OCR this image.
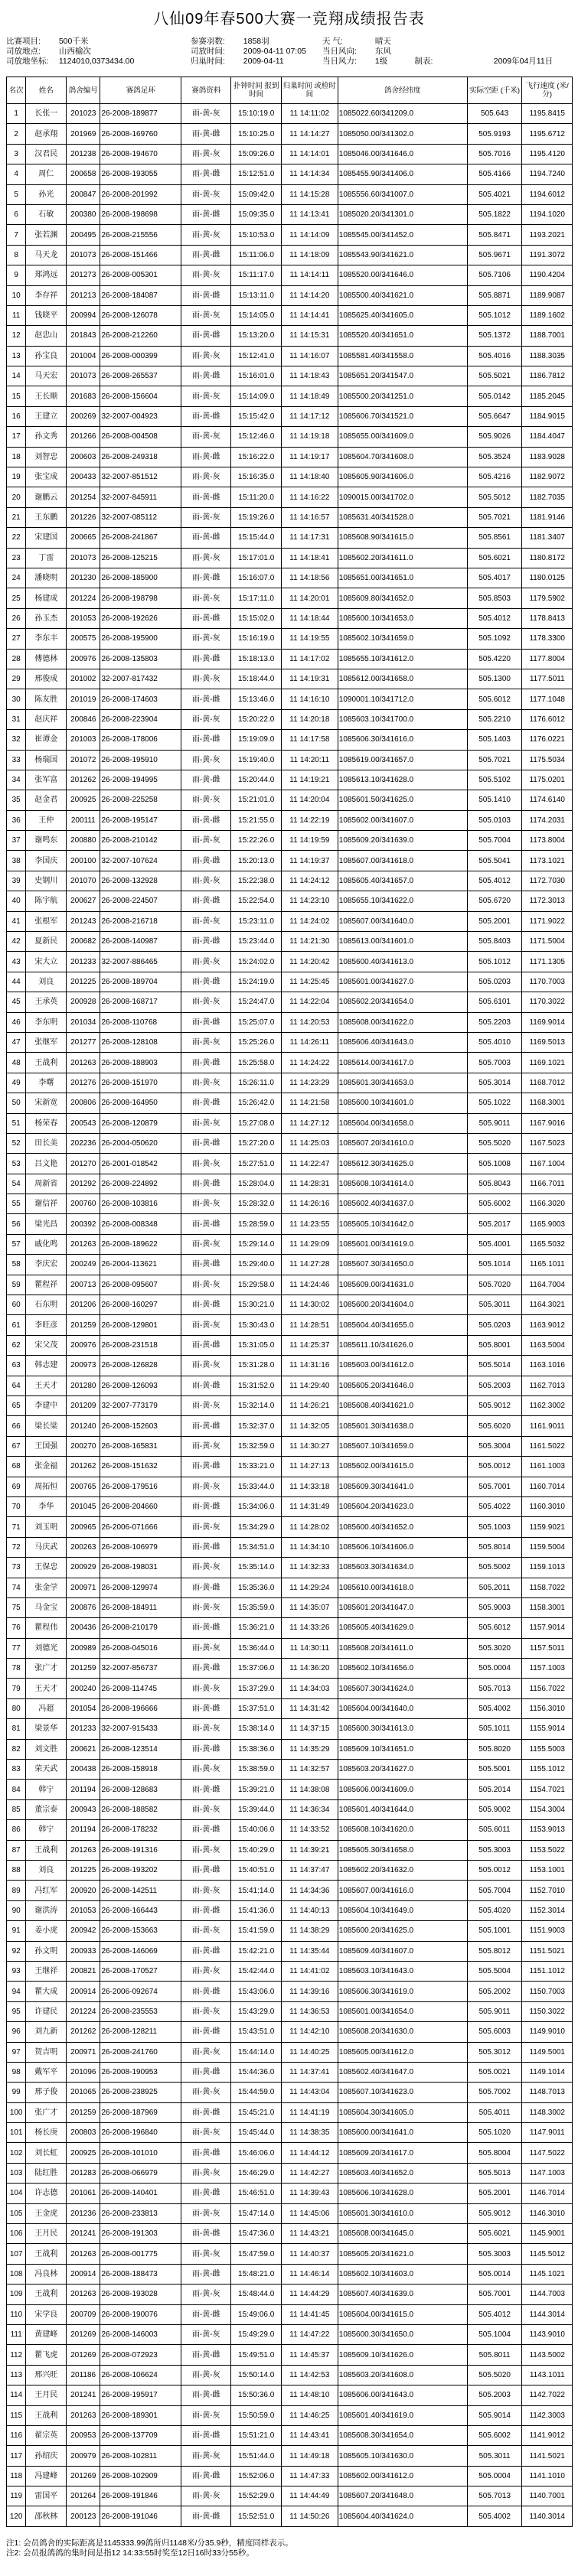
八仙09年春500大赛一竞翔成绩报告表
比赛项目:	500千米	参赛羽数:	1858羽	天 气:	晴天
司放地点:	山西榆次	司放时间:	2009-04-11 07:05	当日风向:	东风
司放地坐标:	1124010,0373434.00	归巢时间:	2009-04-11	当日风力:	1级	制表:	2009年04月11日
名次	姓名	鸽舍编号	赛鸽足环	赛鸽资料	扑钟时间 报到时间	归巢时间 或检时间	鸽舍经纬度	实际空距 (千米)	飞行速度 (米/分)
1	长张一	201023	26-2008-189877	雨-黄-灰	15:10:19.0	11 14:11:02	1085022.60/341209.0	505.643	1195.8415
2	赵承翔	201969	26-2008-169760	雨-黄-雌	15:10:25.0	11 14:14:27	1085050.00/341302.0	505.9193	1195.6712
3	汉君民	201238	26-2008-194670	雨-黄-灰	15:09:26.0	11 14:14:01	1085046.00/341646.0	505.7016	1195.4120
4	周仁	200658	26-2008-193055	雨-黄-雌	15:12:51.0	11 14:14:34	1085455.90/341406.0	505.4166	1194.7240
5	孙光	200847	26-2008-201992	雨-黄-灰	15:09:42.0	11 14:15:28	1085556.60/341007.0	505.4021	1194.6012
6	石敏	200380	26-2008-198698	雨-黄-雌	15:09:35.0	11 14:13:41	1085020.20/341301.0	505.1822	1194.1020
7	张若渊	200495	26-2008-215556	雨-黄-灰	15:10:53.0	11 14:14:09	1085545.00/341452.0	505.8471	1193.2021
8	马天龙	201073	26-2008-151466	雨-黄-雌	15:11:06.0	11 14:18:09	1085543.90/341621.0	505.9671	1191.3072
9	郑鸿远	201273	26-2008-005301	雨-黄-灰	15:11:17.0	11 14:14:11	1085520.00/341646.0	505.7106	1190.4204
10	李存祥	201213	26-2008-184087	雨-黄-雌	15:13:11.0	11 14:14:20	1085500.40/341621.0	505.8871	1189.9087
11	钱晓平	200994	26-2008-126078	雨-黄-灰	15:14:05.0	11 14:14:41	1085625.40/341605.0	505.1012	1189.1602
12	赵忠山	201843	26-2008-212260	雨-黄-雌	15:13:20.0	11 14:15:31	1085520.40/341651.0	505.1372	1188.7001
13	孙宝良	201004	26-2008-000399	雨-黄-灰	15:12:41.0	11 14:16:07	1085581.40/341558.0	505.4016	1188.3035
14	马天宏	201073	26-2008-265537	雨-黄-雌	15:16:01.0	11 14:18:43	1085651.20/341547.0	505.5021	1186.7812
15	王长顺	201683	26-2008-156604	雨-黄-灰	15:14:09.0	11 14:18:49	1085500.20/341251.0	505.0142	1185.2045
16	王建立	200269	32-2007-004923	雨-黄-雌	15:15:42.0	11 14:17:12	1085606.70/341521.0	505.6647	1184.9015
17	孙文秀	201266	26-2008-004508	雨-黄-灰	15:12:46.0	11 14:19:18	1085655.00/341609.0	505.9026	1184.4047
18	刘智忠	200603	26-2008-249318	雨-黄-雌	15:16:22.0	11 14:19:17	1085604.70/341608.0	505.3524	1183.9028
19	张宝成	200433	32-2007-851512	雨-黄-灰	15:16:35.0	11 14:18:40	1085605.90/341606.0	505.4216	1182.9072
20	谢鹏云	201254	32-2007-845911	雨-黄-雌	15:11:20.0	11 14:16:22	1090015.00/341702.0	505.5012	1182.7035
21	王东鹏	201226	32-2007-085112	雨-黄-灰	15:19:26.0	11 14:16:57	1085631.40/341528.0	505.7021	1181.9146
22	宋建国	200665	26-2008-241867	雨-黄-雌	15:15:44.0	11 14:17:31	1085608.90/341615.0	505.8561	1181.3407
23	丁雷	201073	26-2008-125215	雨-黄-灰	15:17:01.0	11 14:18:41	1085602.20/341611.0	505.6021	1180.8172
24	潘晓明	201230	26-2008-185900	雨-黄-雌	15:16:07.0	11 14:18:56	1085651.00/341651.0	505.4017	1180.0125
25	杨建成	201224	26-2008-198798	雨-黄-灰	15:17:11.0	11 14:20:01	1085609.80/341652.0	505.8503	1179.5902
26	孙玉杰	201053	26-2008-192626	雨-黄-雌	15:15:02.0	11 14:18:44	1085600.10/341653.0	505.4012	1178.8413
27	李东丰	200575	26-2008-195900	雨-黄-灰	15:16:19.0	11 14:19:55	1085602.10/341659.0	505.1092	1178.3300
28	傅德林	200976	26-2008-135803	雨-黄-雌	15:18:13.0	11 14:17:02	1085655.10/341612.0	505.4220	1177.8004
29	邢俊成	201002	32-2007-817432	雨-黄-灰	15:18:44.0	11 14:19:31	1085612.00/341658.0	505.1300	1177.5011
30	陈友胜	201019	26-2008-174603	雨-黄-雌	15:13:46.0	11 14:16:10	1090001.10/341712.0	505.6012	1177.1048
31	赵庆祥	200846	26-2008-223904	雨-黄-灰	15:20:22.0	11 14:20:18	1085603.10/341700.0	505.2210	1176.6012
32	崔谭金	201003	26-2008-178006	雨-黄-雌	15:19:09.0	11 14:17:58	1085606.30/341616.0	505.1403	1176.0221
33	杨瑞国	201072	26-2008-195910	雨-黄-灰	15:19:40.0	11 14:20:11	1085619.00/341657.0	505.7021	1175.5034
34	张军富	201262	26-2008-194995	雨-黄-雌	15:20:44.0	11 14:19:21	1085613.10/341628.0	505.5102	1175.0201
35	赵金君	200925	26-2008-225258	雨-黄-灰	15:21:01.0	11 14:20:04	1085601.50/341625.0	505.1410	1174.6140
36	王仲	200111	26-2008-195147	雨-黄-雌	15:21:55.0	11 14:22:19	1085602.00/341607.0	505.0103	1174.2031
37	谢鸣东	200880	26-2008-210142	雨-黄-灰	15:22:26.0	11 14:19:59	1085609.20/341639.0	505.7004	1173.8004
38	李国庆	200100	32-2007-107624	雨-黄-雌	15:20:13.0	11 14:19:37	1085607.00/341618.0	505.5041	1173.1021
39	史钢川	201070	26-2008-132928	雨-黄-灰	15:22:38.0	11 14:24:12	1085605.40/341657.0	505.4012	1172.7030
40	陈宇航	200627	26-2008-224507	雨-黄-雌	15:22:54.0	11 14:23:10	1085655.10/341622.0	505.6720	1172.3013
41	张根军	201243	26-2008-216718	雨-黄-灰	15:23:11.0	11 14:24:02	1085607.00/341640.0	505.2001	1171.9022
42	夏新民	200682	26-2008-140987	雨-黄-雌	15:23:44.0	11 14:21:30	1085613.00/341601.0	505.8403	1171.5004
43	宋大立	201233	32-2007-886465	雨-黄-灰	15:24:02.0	11 14:20:42	1085600.40/341613.0	505.1012	1171.1305
44	刘良	201225	26-2008-189704	雨-黄-雌	15:24:19.0	11 14:25:45	1085601.00/341627.0	505.0203	1170.7003
45	王承英	200928	26-2008-168717	雨-黄-灰	15:24:47.0	11 14:22:04	1085602.20/341654.0	505.6101	1170.3022
46	李东明	201034	26-2008-110768	雨-黄-雌	15:25:07.0	11 14:20:53	1085608.00/341622.0	505.2203	1169.9014
47	张继军	201277	26-2008-128108	雨-黄-灰	15:25:26.0	11 14:26:11	1085606.40/341643.0	505.4010	1169.5013
48	王战利	201263	26-2008-188903	雨-黄-雌	15:25:58.0	11 14:24:22	1085614.00/341617.0	505.7003	1169.1021
49	李曙	201276	26-2008-151970	雨-黄-灰	15:26:11.0	11 14:23:29	1085601.30/341653.0	505.3014	1168.7012
50	宋新宽	200806	26-2008-164950	雨-黄-雌	15:26:42.0	11 14:21:58	1085600.10/341601.0	505.1022	1168.3001
51	杨荣春	200543	26-2008-120879	雨-黄-灰	15:27:08.0	11 14:27:12	1085604.00/341658.0	505.9011	1167.9016
52	田长美	202236	26-2004-050620	雨-黄-雌	15:27:20.0	11 14:25:03	1085607.20/341610.0	505.5020	1167.5023
53	吕文艳	201270	26-2001-018542	雨-黄-灰	15:27:51.0	11 14:22:47	1085612.30/341625.0	505.1008	1167.1004
54	周新省	201292	26-2008-224892	雨-黄-雌	15:28:04.0	11 14:28:31	1085608.10/341614.0	505.8043	1166.7011
55	谢信祥	200760	26-2008-103816	雨-黄-灰	15:28:32.0	11 14:26:16	1085602.40/341637.0	505.6002	1166.3020
56	梁光昌	200392	26-2008-008348	雨-黄-雌	15:28:59.0	11 14:23:55	1085605.10/341642.0	505.2017	1165.9003
57	戚化鸣	201263	26-2008-189622	雨-黄-灰	15:29:14.0	11 14:29:09	1085601.00/341619.0	505.4001	1165.5032
58	李庆宏	200249	26-2004-113621	雨-黄-雌	15:29:40.0	11 14:27:28	1085607.30/341650.0	505.1014	1165.1011
59	瞿程祥	200713	26-2008-095607	雨-黄-灰	15:29:58.0	11 14:24:46	1085609.00/341631.0	505.7020	1164.7004
60	石东明	201206	26-2008-160297	雨-黄-雌	15:30:21.0	11 14:30:02	1085600.20/341604.0	505.3011	1164.3021
61	李旺彦	201259	26-2008-129801	雨-黄-灰	15:30:43.0	11 14:28:51	1085604.40/341655.0	505.0203	1163.9012
62	宋父茂	200976	26-2008-231518	雨-黄-雌	15:31:05.0	11 14:25:37	1085611.10/341626.0	505.8001	1163.5004
63	韩志建	200973	26-2008-126828	雨-黄-灰	15:31:28.0	11 14:31:16	1085603.00/341612.0	505.5014	1163.1016
64	王天才	201280	26-2008-126093	雨-黄-雌	15:31:52.0	11 14:29:40	1085605.20/341646.0	505.2003	1162.7013
65	李建中	201209	32-2007-773179	雨-黄-灰	15:32:14.0	11 14:26:21	1085608.40/341621.0	505.9012	1162.3002
66	梁长梁	201240	26-2008-152603	雨-黄-雌	15:32:37.0	11 14:32:05	1085601.30/341638.0	505.6020	1161.9011
67	王国强	200270	26-2008-165831	雨-黄-灰	15:32:59.0	11 14:30:27	1085607.10/341659.0	505.3004	1161.5022
68	张金福	201262	26-2008-151632	雨-黄-雌	15:33:21.0	11 14:27:13	1085602.00/341615.0	505.0012	1161.1003
69	周拓恒	200765	26-2008-179516	雨-黄-灰	15:33:44.0	11 14:33:18	1085609.30/341641.0	505.7001	1160.7014
70	李华	201045	26-2008-204660	雨-黄-雌	15:34:06.0	11 14:31:49	1085604.20/341623.0	505.4022	1160.3010
71	刘玉明	200965	26-2006-071666	雨-黄-灰	15:34:29.0	11 14:28:02	1085600.40/341652.0	505.1003	1159.9021
72	马庆武	200263	26-2008-106979	雨-黄-雌	15:34:51.0	11 14:34:10	1085606.10/341606.0	505.8014	1159.5004
73	王保忠	200929	26-2008-198031	雨-黄-灰	15:35:14.0	11 14:32:33	1085603.30/341634.0	505.5002	1159.1013
74	张金学	200971	26-2008-129974	雨-黄-雌	15:35:36.0	11 14:29:24	1085610.00/341618.0	505.2011	1158.7022
75	马金宝	200876	26-2008-184911	雨-黄-灰	15:35:59.0	11 14:35:07	1085601.20/341647.0	505.9003	1158.3001
76	瞿程伟	200436	26-2008-210179	雨-黄-雌	15:36:21.0	11 14:33:26	1085605.40/341629.0	505.6012	1157.9014
77	刘德光	200989	26-2008-045016	雨-黄-灰	15:36:44.0	11 14:30:11	1085608.20/341611.0	505.3020	1157.5011
78	张广才	201259	32-2007-856737	雨-黄-雌	15:37:06.0	11 14:36:20	1085602.10/341656.0	505.0004	1157.1003
79	王天才	200240	26-2008-114745	雨-黄-灰	15:37:29.0	11 14:34:03	1085607.30/341624.0	505.7013	1156.7022
80	冯超	201054	26-2008-196666	雨-黄-雌	15:37:51.0	11 14:31:42	1085604.00/341640.0	505.4002	1156.3010
81	梁景华	201233	32-2007-915433	雨-黄-灰	15:38:14.0	11 14:37:15	1085600.30/341613.0	505.1011	1155.9014
82	刘文胜	200621	26-2008-123514	雨-黄-雌	15:38:36.0	11 14:35:29	1085609.10/341651.0	505.8020	1155.5003
83	荣天武	200438	26-2008-158918	雨-黄-灰	15:38:59.0	11 14:32:57	1085603.20/341627.0	505.5001	1155.1012
84	韩宁	201194	26-2008-128683	雨-黄-雌	15:39:21.0	11 14:38:08	1085606.00/341609.0	505.2014	1154.7021
85	董宗泰	200943	26-2008-188582	雨-黄-灰	15:39:44.0	11 14:36:34	1085601.40/341644.0	505.9002	1154.3004
86	韩宁	201194	26-2008-178232	雨-黄-雌	15:40:06.0	11 14:33:52	1085608.10/341620.0	505.6011	1153.9013
87	王战利	201263	26-2008-191316	雨-黄-灰	15:40:29.0	11 14:39:21	1085605.30/341658.0	505.3003	1153.5022
88	刘良	201225	26-2008-193202	雨-黄-雌	15:40:51.0	11 14:37:47	1085602.20/341632.0	505.0012	1153.1001
89	冯红军	200920	26-2008-142511	雨-黄-灰	15:41:14.0	11 14:34:36	1085607.00/341616.0	505.7004	1152.7010
90	谢洪涛	201053	26-2008-166443	雨-黄-雌	15:41:36.0	11 14:40:13	1085604.10/341649.0	505.4020	1152.3014
91	姜小虎	200942	26-2008-153663	雨-黄-灰	15:41:59.0	11 14:38:29	1085600.20/341625.0	505.1001	1151.9003
92	孙文明	200933	26-2008-146069	雨-黄-雌	15:42:21.0	11 14:35:44	1085609.40/341607.0	505.8012	1151.5021
93	王继祥	200821	26-2008-170527	雨-黄-灰	15:42:44.0	11 14:41:02	1085603.10/341643.0	505.5004	1151.1012
94	瞿大成	200914	26-2006-092674	雨-黄-雌	15:43:06.0	11 14:39:16	1085606.30/341619.0	505.2002	1150.7003
95	许建民	201224	26-2008-235553	雨-黄-灰	15:43:29.0	11 14:36:53	1085601.00/341654.0	505.9011	1150.3022
96	刘九新	201262	26-2008-128211	雨-黄-雌	15:43:51.0	11 14:42:10	1085608.20/341630.0	505.6003	1149.9010
97	贺吉明	200971	26-2008-241760	雨-黄-灰	15:44:14.0	11 14:40:25	1085605.00/341612.0	505.3012	1149.5001
98	戴军平	201096	26-2008-190953	雨-黄-雌	15:44:36.0	11 14:37:41	1085602.40/341647.0	505.0021	1149.1014
99	邢子俊	201065	26-2008-238925	雨-黄-灰	15:44:59.0	11 14:43:04	1085607.10/341623.0	505.7002	1148.7013
100	张广才	201259	26-2008-187969	雨-黄-雌	15:45:21.0	11 14:41:19	1085604.30/341605.0	505.4011	1148.3002
101	杨长庚	200803	26-2008-196840	雨-黄-灰	15:45:44.0	11 14:38:35	1085600.00/341641.0	505.1020	1147.9011
102	刘长虹	200925	26-2008-101010	雨-黄-雌	15:46:06.0	11 14:44:12	1085609.20/341617.0	505.8004	1147.5022
103	陆红胜	201283	26-2008-066979	雨-黄-灰	15:46:29.0	11 14:42:27	1085603.40/341652.0	505.5013	1147.1003
104	许志德	201061	26-2008-140401	雨-黄-雌	15:46:51.0	11 14:39:43	1085606.10/341628.0	505.2001	1146.7014
105	王金虎	201236	26-2008-233813	雨-黄-灰	15:47:14.0	11 14:45:06	1085601.30/341610.0	505.9012	1146.3010
106	王月民	201241	26-2008-191303	雨-黄-雌	15:47:36.0	11 14:43:21	1085608.00/341645.0	505.6021	1145.9001
107	王战利	201263	26-2008-001775	雨-黄-灰	15:47:59.0	11 14:40:37	1085605.20/341621.0	505.3003	1145.5012
108	冯良林	200914	26-2008-188473	雨-黄-雌	15:48:21.0	11 14:46:14	1085602.10/341603.0	505.0014	1145.1021
109	王战利	201263	26-2008-193028	雨-黄-灰	15:48:44.0	11 14:44:29	1085607.40/341639.0	505.7001	1144.7003
110	宋学良	200709	26-2008-190076	雨-黄-雌	15:49:06.0	11 14:41:45	1085604.00/341615.0	505.4012	1144.3014
111	黄建峰	201269	26-2008-146003	雨-黄-灰	15:49:29.0	11 14:47:22	1085600.30/341650.0	505.1004	1143.9010
112	瞿飞虎	201269	26-2008-072923	雨-黄-雌	15:49:51.0	11 14:45:37	1085609.10/341626.0	505.8011	1143.5002
113	邢兴旺	201186	26-2008-106624	雨-黄-灰	15:50:14.0	11 14:42:53	1085603.20/341608.0	505.5020	1143.1011
114	王月民	201241	26-2008-195917	雨-黄-雌	15:50:36.0	11 14:48:10	1085606.00/341643.0	505.2003	1142.7022
115	王战利	201263	26-2008-189301	雨-黄-灰	15:50:59.0	11 14:46:25	1085601.40/341619.0	505.9014	1142.3003
116	翟宗英	200953	26-2008-137709	雨-黄-雌	15:51:21.0	11 14:43:41	1085608.30/341654.0	505.6002	1141.9012
117	孙绍庆	200979	26-2008-102811	雨-黄-灰	15:51:44.0	11 14:49:18	1085605.10/341630.0	505.3011	1141.5021
118	冯建峰	201269	26-2008-102909	雨-黄-雌	15:52:06.0	11 14:47:33	1085602.00/341612.0	505.0004	1141.1010
119	雷国平	201264	26-2008-191846	雨-黄-灰	15:52:29.0	11 14:44:49	1085607.20/341648.0	505.7013	1140.7001
120	邵秋林	200123	26-2008-191046	雨-黄-雌	15:52:51.0	11 14:50:26	1085604.40/341624.0	505.4002	1140.3014
注1: 会员鸽舍的实际距离是1145333.99鸽所归1148米/分35.9秒，精度同样表示。
注2: 会员报鸽鸽的集时间是指12 14:33:55时奖至12日16时33分55秒。
